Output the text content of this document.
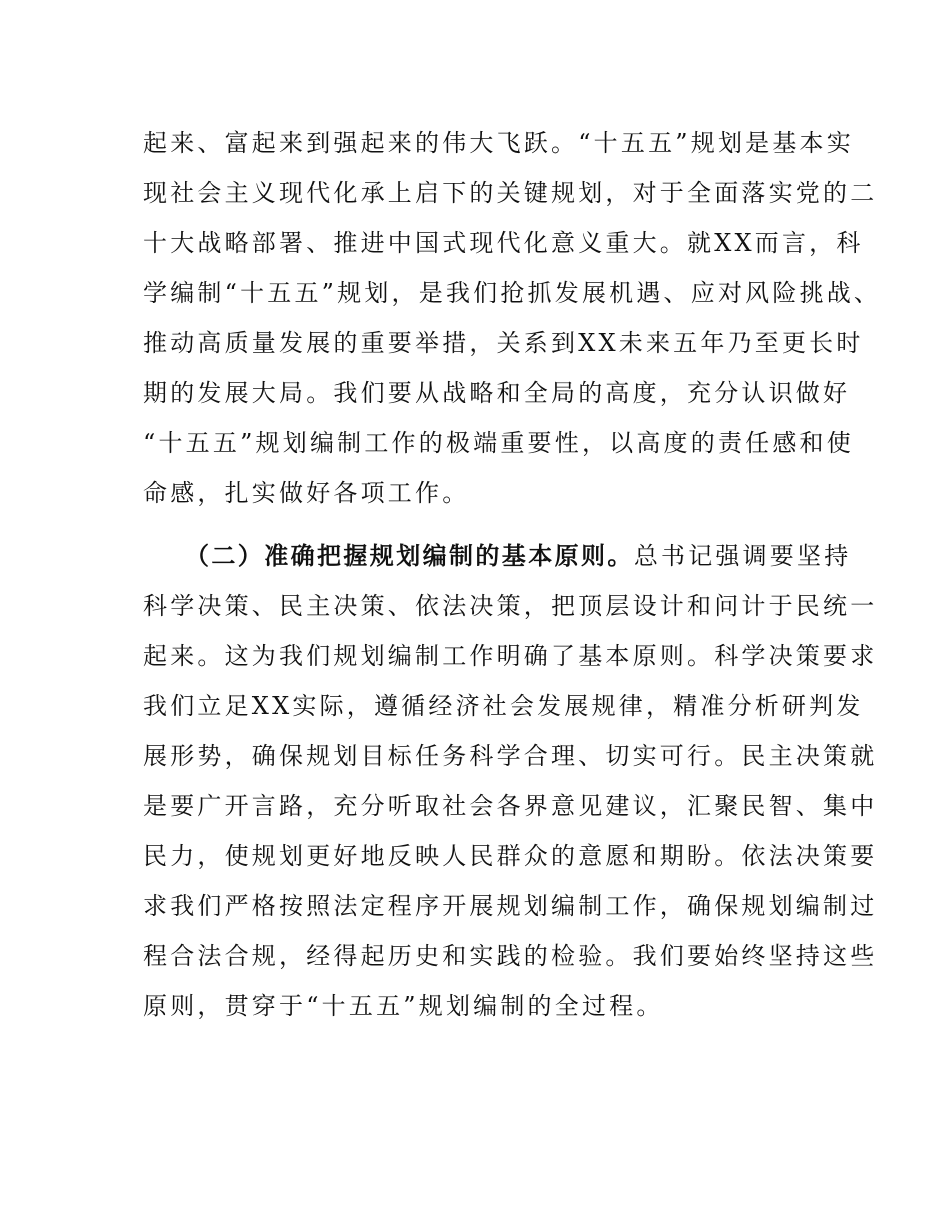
起来、富起来到强起来的伟大飞跃。“十五五”规划是基本实
现社会主义现代化承上启下的关键规划，对于全面落实党的二
十大战略部署、推进中国式现代化意义重大。就XX而言，科
学编制“十五五”规划，是我们抢抓发展机遇、应对风险挑战、
推动高质量发展的重要举措，关系到XX未来五年乃至更长时
期的发展大局。我们要从战略和全局的高度，充分认识做好
“十五五”规划编制工作的极端重要性，以高度的责任感和使
命感，扎实做好各项工作。
（二）准确把握规划编制的基本原则。总书记强调要坚持
科学决策、民主决策、依法决策，把顶层设计和问计于民统一
起来。这为我们规划编制工作明确了基本原则。科学决策要求
我们立足XX实际，遵循经济社会发展规律，精准分析研判发
展形势，确保规划目标任务科学合理、切实可行。民主决策就
是要广开言路，充分听取社会各界意见建议，汇聚民智、集中
民力，使规划更好地反映人民群众的意愿和期盼。依法决策要
求我们严格按照法定程序开展规划编制工作，确保规划编制过
程合法合规，经得起历史和实践的检验。我们要始终坚持这些
原则，贯穿于“十五五”规划编制的全过程。
